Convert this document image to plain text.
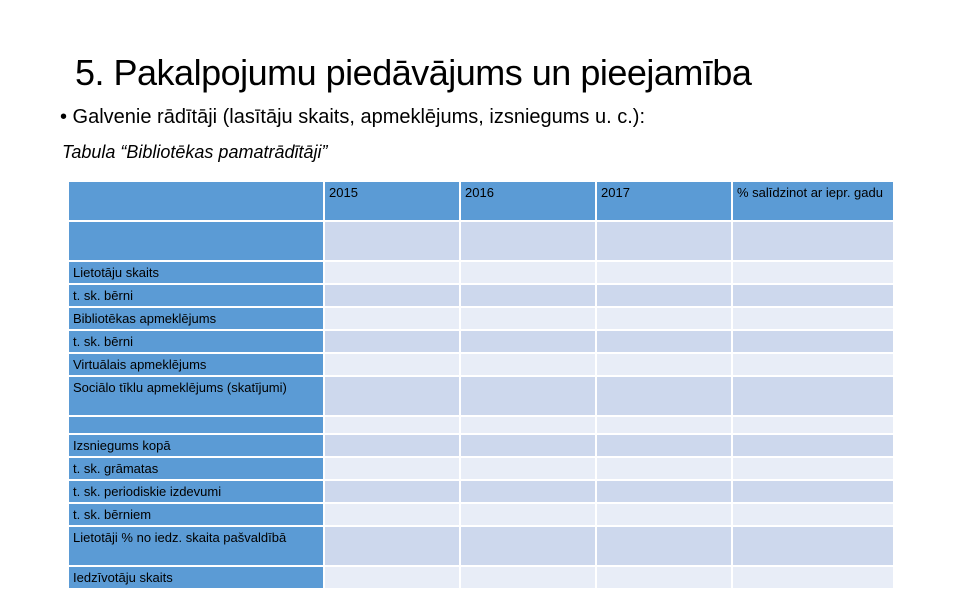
5. Pakalpojumu piedāvājums un pieejamība
• Galvenie rādītāji (lasītāju skaits, apmeklējums, izsniegums u. c.):
Tabula “Bibliotēkas pamatrādītāji”
	2015	2016	2017	% salīdzinot ar iepr. gadu

Lietotāju skaits				
t. sk. bērni				
Bibliotēkas apmeklējums				
t. sk. bērni				
Virtuālais apmeklējums				
Sociālo tīklu apmeklējums (skatījumi)				

Izsniegums kopā				
t. sk. grāmatas				
t. sk. periodiskie izdevumi				
t. sk. bērniem				
Lietotāji % no iedz. skaita pašvaldībā				
Iedzīvotāju skaits				
